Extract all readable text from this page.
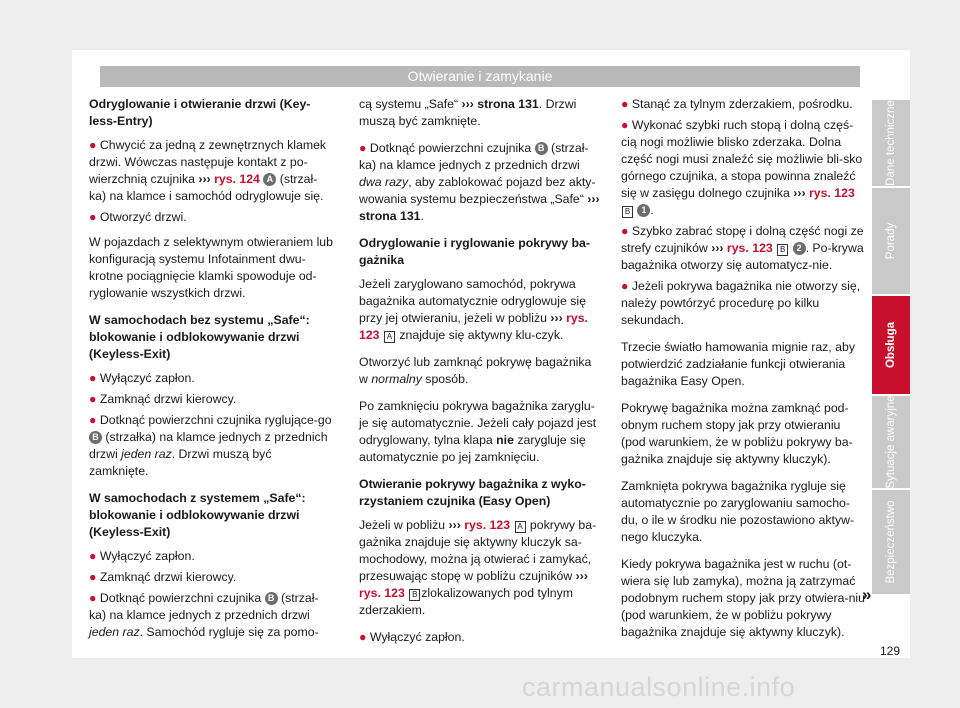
Otwieranie i zamykanie

Odryglowanie i otwieranie drzwi (Key-less-Entry)

● Chwycić za jedną z zewnętrznych klamek drzwi. Wówczas następuje kontakt z po-wierzchnią czujnika ››› rys. 124 A (strzał-ka) na klamce i samochód odryglowuje się.

● Otworzyć drzwi.

W pojazdach z selektywnym otwieraniem lub konfiguracją systemu Infotainment dwu-krotne pociągnięcie klamki spowoduje od-ryglowanie wszystkich drzwi.

W samochodach bez systemu „Safe“: blokowanie i odblokowywanie drzwi (Keyless-Exit)

● Wyłączyć zapłon.

● Zamknąć drzwi kierowcy.

● Dotknąć powierzchni czujnika ryglujące-go B (strzałka) na klamce jednych z przednich drzwi jeden raz. Drzwi muszą być zamknięte.

W samochodach z systemem „Safe“: blokowanie i odblokowywanie drzwi (Keyless-Exit)

● Wyłączyć zapłon.

● Zamknąć drzwi kierowcy.

● Dotknąć powierzchni czujnika B (strzał-ka) na klamce jednych z przednich drzwi jeden raz. Samochód rygluje się za pomo-

cą systemu „Safe“ ››› strona 131. Drzwi muszą być zamknięte.

● Dotknąć powierzchni czujnika B (strzał-ka) na klamce jednych z przednich drzwi dwa razy, aby zablokować pojazd bez akty-wowania systemu bezpieczeństwa „Safe“ ››› strona 131.

Odryglowanie i ryglowanie pokrywy ba-gażnika

Jeżeli zaryglowano samochód, pokrywa bagażnika automatycznie odryglowuje się przy jej otwieraniu, jeżeli w pobliżu ››› rys. 123 A znajduje się aktywny klu-czyk.

Otworzyć lub zamknąć pokrywę bagażnika w normalny sposób.

Po zamknięciu pokrywa bagażnika zaryglu-je się automatycznie. Jeżeli cały pojazd jest odryglowany, tylna klapa nie zarygluje się automatycznie po jej zamknięciu.

Otwieranie pokrywy bagażnika z wyko-rzystaniem czujnika (Easy Open)

Jeżeli w pobliżu ››› rys. 123 A pokrywy ba-gażnika znajduje się aktywny kluczyk sa-mochodowy, można ją otwierać i zamykać, przesuwając stopę w pobliżu czujników ››› rys. 123 B zlokalizowanych pod tylnym zderzakiem.

● Wyłączyć zapłon.

● Stanąć za tylnym zderzakiem, pośrodku.

● Wykonać szybki ruch stopą i dolną częś-cią nogi możliwie blisko zderzaka. Dolna część nogi musi znaleźć się możliwie bli-sko górnego czujnika, a stopa powinna znaleźć się w zasięgu dolnego czujnika ››› rys. 123 B 1 .

● Szybko zabrać stopę i dolną część nogi ze strefy czujników ››› rys. 123 B 2 . Po-krywa bagażnika otworzy się automatycz-nie.

● Jeżeli pokrywa bagażnika nie otworzy się, należy powtórzyć procedurę po kilku sekundach.

Trzecie światło hamowania mignie raz, aby potwierdzić zadziałanie funkcji otwierania bagażnika Easy Open.

Pokrywę bagażnika można zamknąć pod-obnym ruchem stopy jak przy otwieraniu (pod warunkiem, że w pobliżu pokrywy ba-gażnika znajduje się aktywny kluczyk).

Zamknięta pokrywa bagażnika rygluje się automatycznie po zaryglowaniu samocho-du, o ile w środku nie pozostawiono aktyw-nego kluczyka.

Kiedy pokrywa bagażnika jest w ruchu (ot-wiera się lub zamyka), można ją zatrzymać podobnym ruchem stopy jak przy otwiera-niu (pod warunkiem, że w pobliżu pokrywy bagażnika znajduje się aktywny kluczyk).

»
Dane techniczne
Porady
Obsługa
Sytuacje awaryjne
Bezpieczeństwo
129
carmanualsonline.info
